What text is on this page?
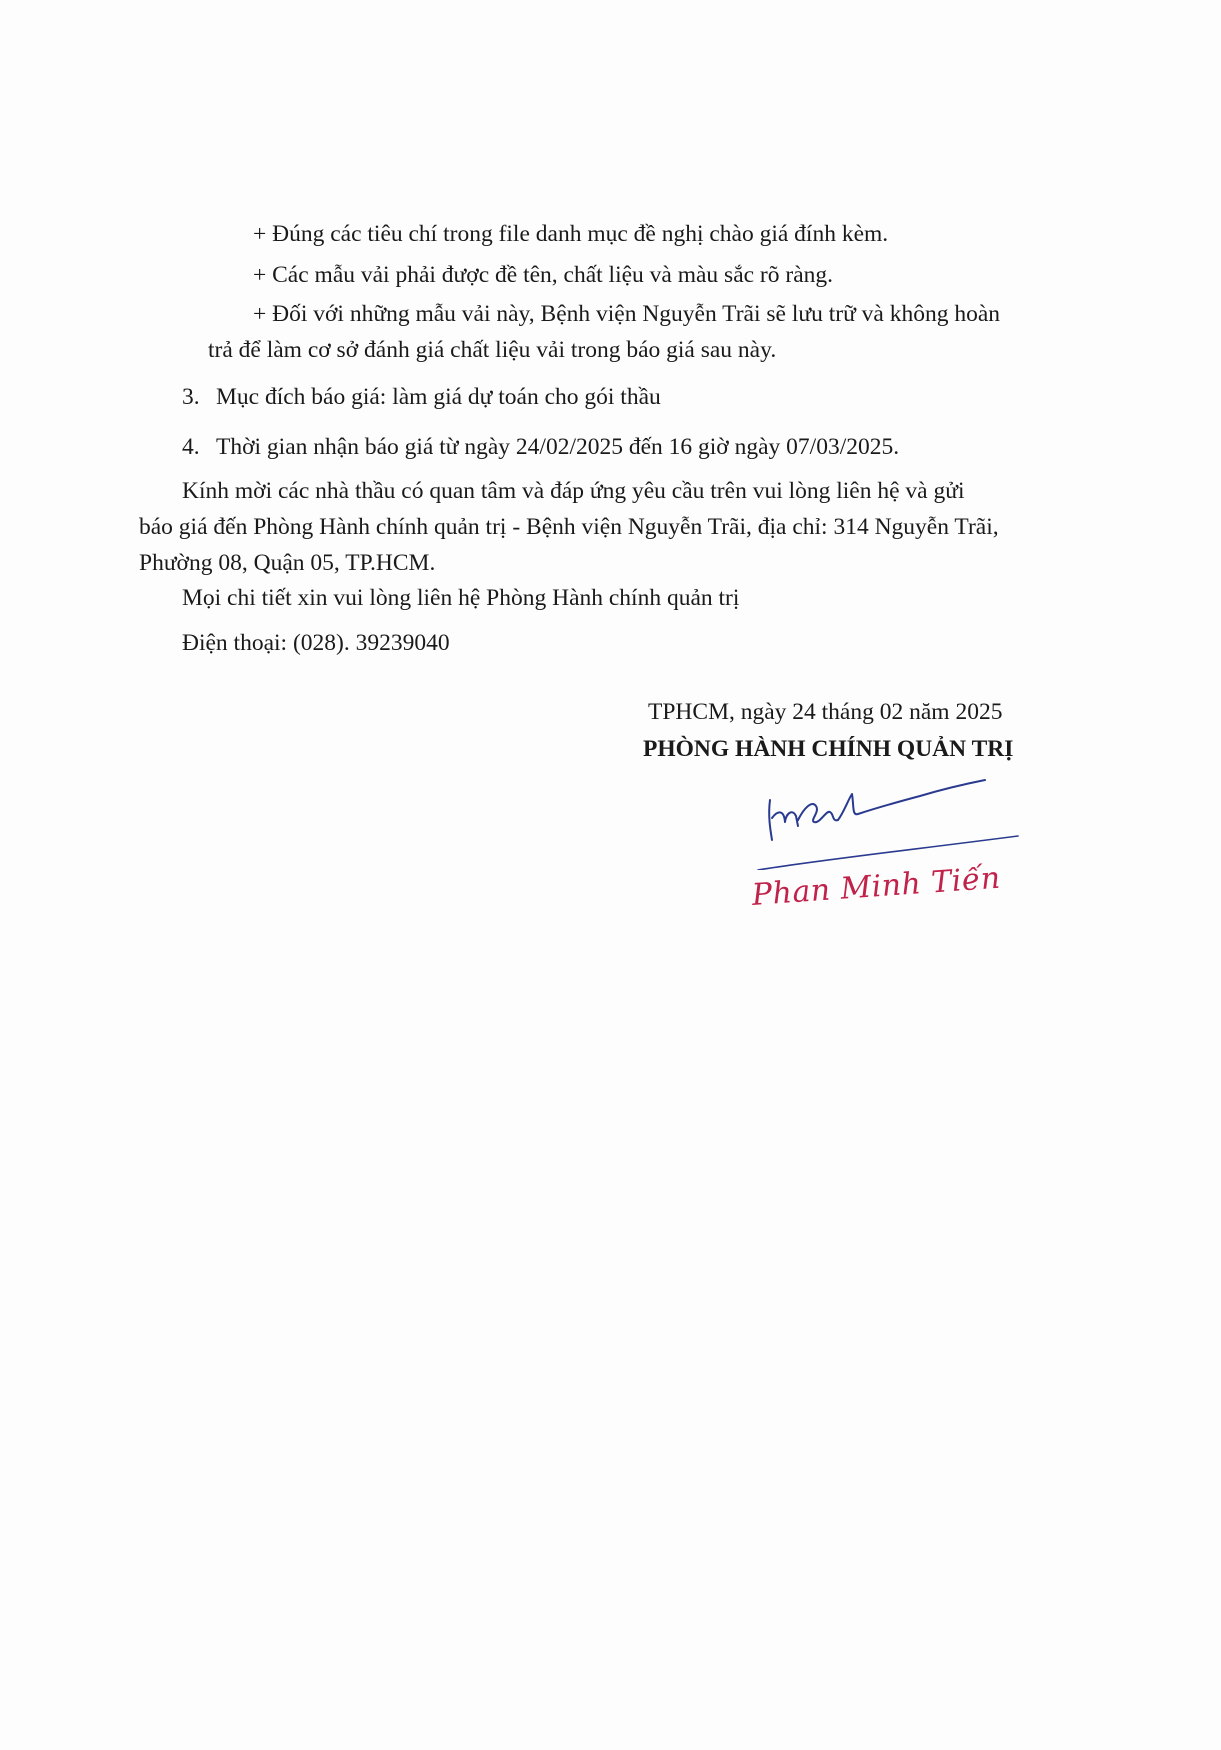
+ Đúng các tiêu chí trong file danh mục đề nghị chào giá đính kèm.
+ Các mẫu vải phải được đề tên, chất liệu và màu sắc rõ ràng.
+ Đối với những mẫu vải này, Bệnh viện Nguyễn Trãi sẽ lưu trữ và không hoàn
trả để làm cơ sở đánh giá chất liệu vải trong báo giá sau này.
3. Mục đích báo giá: làm giá dự toán cho gói thầu
4. Thời gian nhận báo giá từ ngày 24/02/2025 đến 16 giờ ngày 07/03/2025.
Kính mời các nhà thầu có quan tâm và đáp ứng yêu cầu trên vui lòng liên hệ và gửi
báo giá đến Phòng Hành chính quản trị - Bệnh viện Nguyễn Trãi, địa chỉ: 314 Nguyễn Trãi,
Phường 08, Quận 05, TP.HCM.
Mọi chi tiết xin vui lòng liên hệ Phòng Hành chính quản trị
Điện thoại: (028). 39239040
TPHCM, ngày 24 tháng 02 năm 2025
PHÒNG HÀNH CHÍNH QUẢN TRỊ
Phan Minh Tiến
